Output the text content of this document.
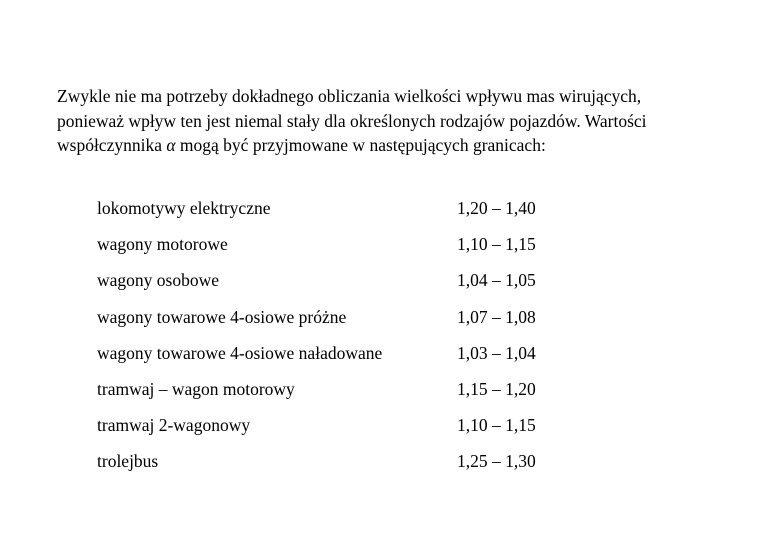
Zwykle nie ma potrzeby dokładnego obliczania wielkości wpływu mas wirujących,
ponieważ wpływ ten jest niemal stały dla określonych rodzajów pojazdów. Wartości
współczynnika α mogą być przyjmowane w następujących granicach:

lokomotywy elektryczne	1,20 – 1,40
wagony motorowe	1,10 – 1,15
wagony osobowe	1,04 – 1,05
wagony towarowe 4-osiowe próżne	1,07 – 1,08
wagony towarowe 4-osiowe naładowane	1,03 – 1,04
tramwaj – wagon motorowy	1,15 – 1,20
tramwaj 2-wagonowy	1,10 – 1,15
trolejbus	1,25 – 1,30
